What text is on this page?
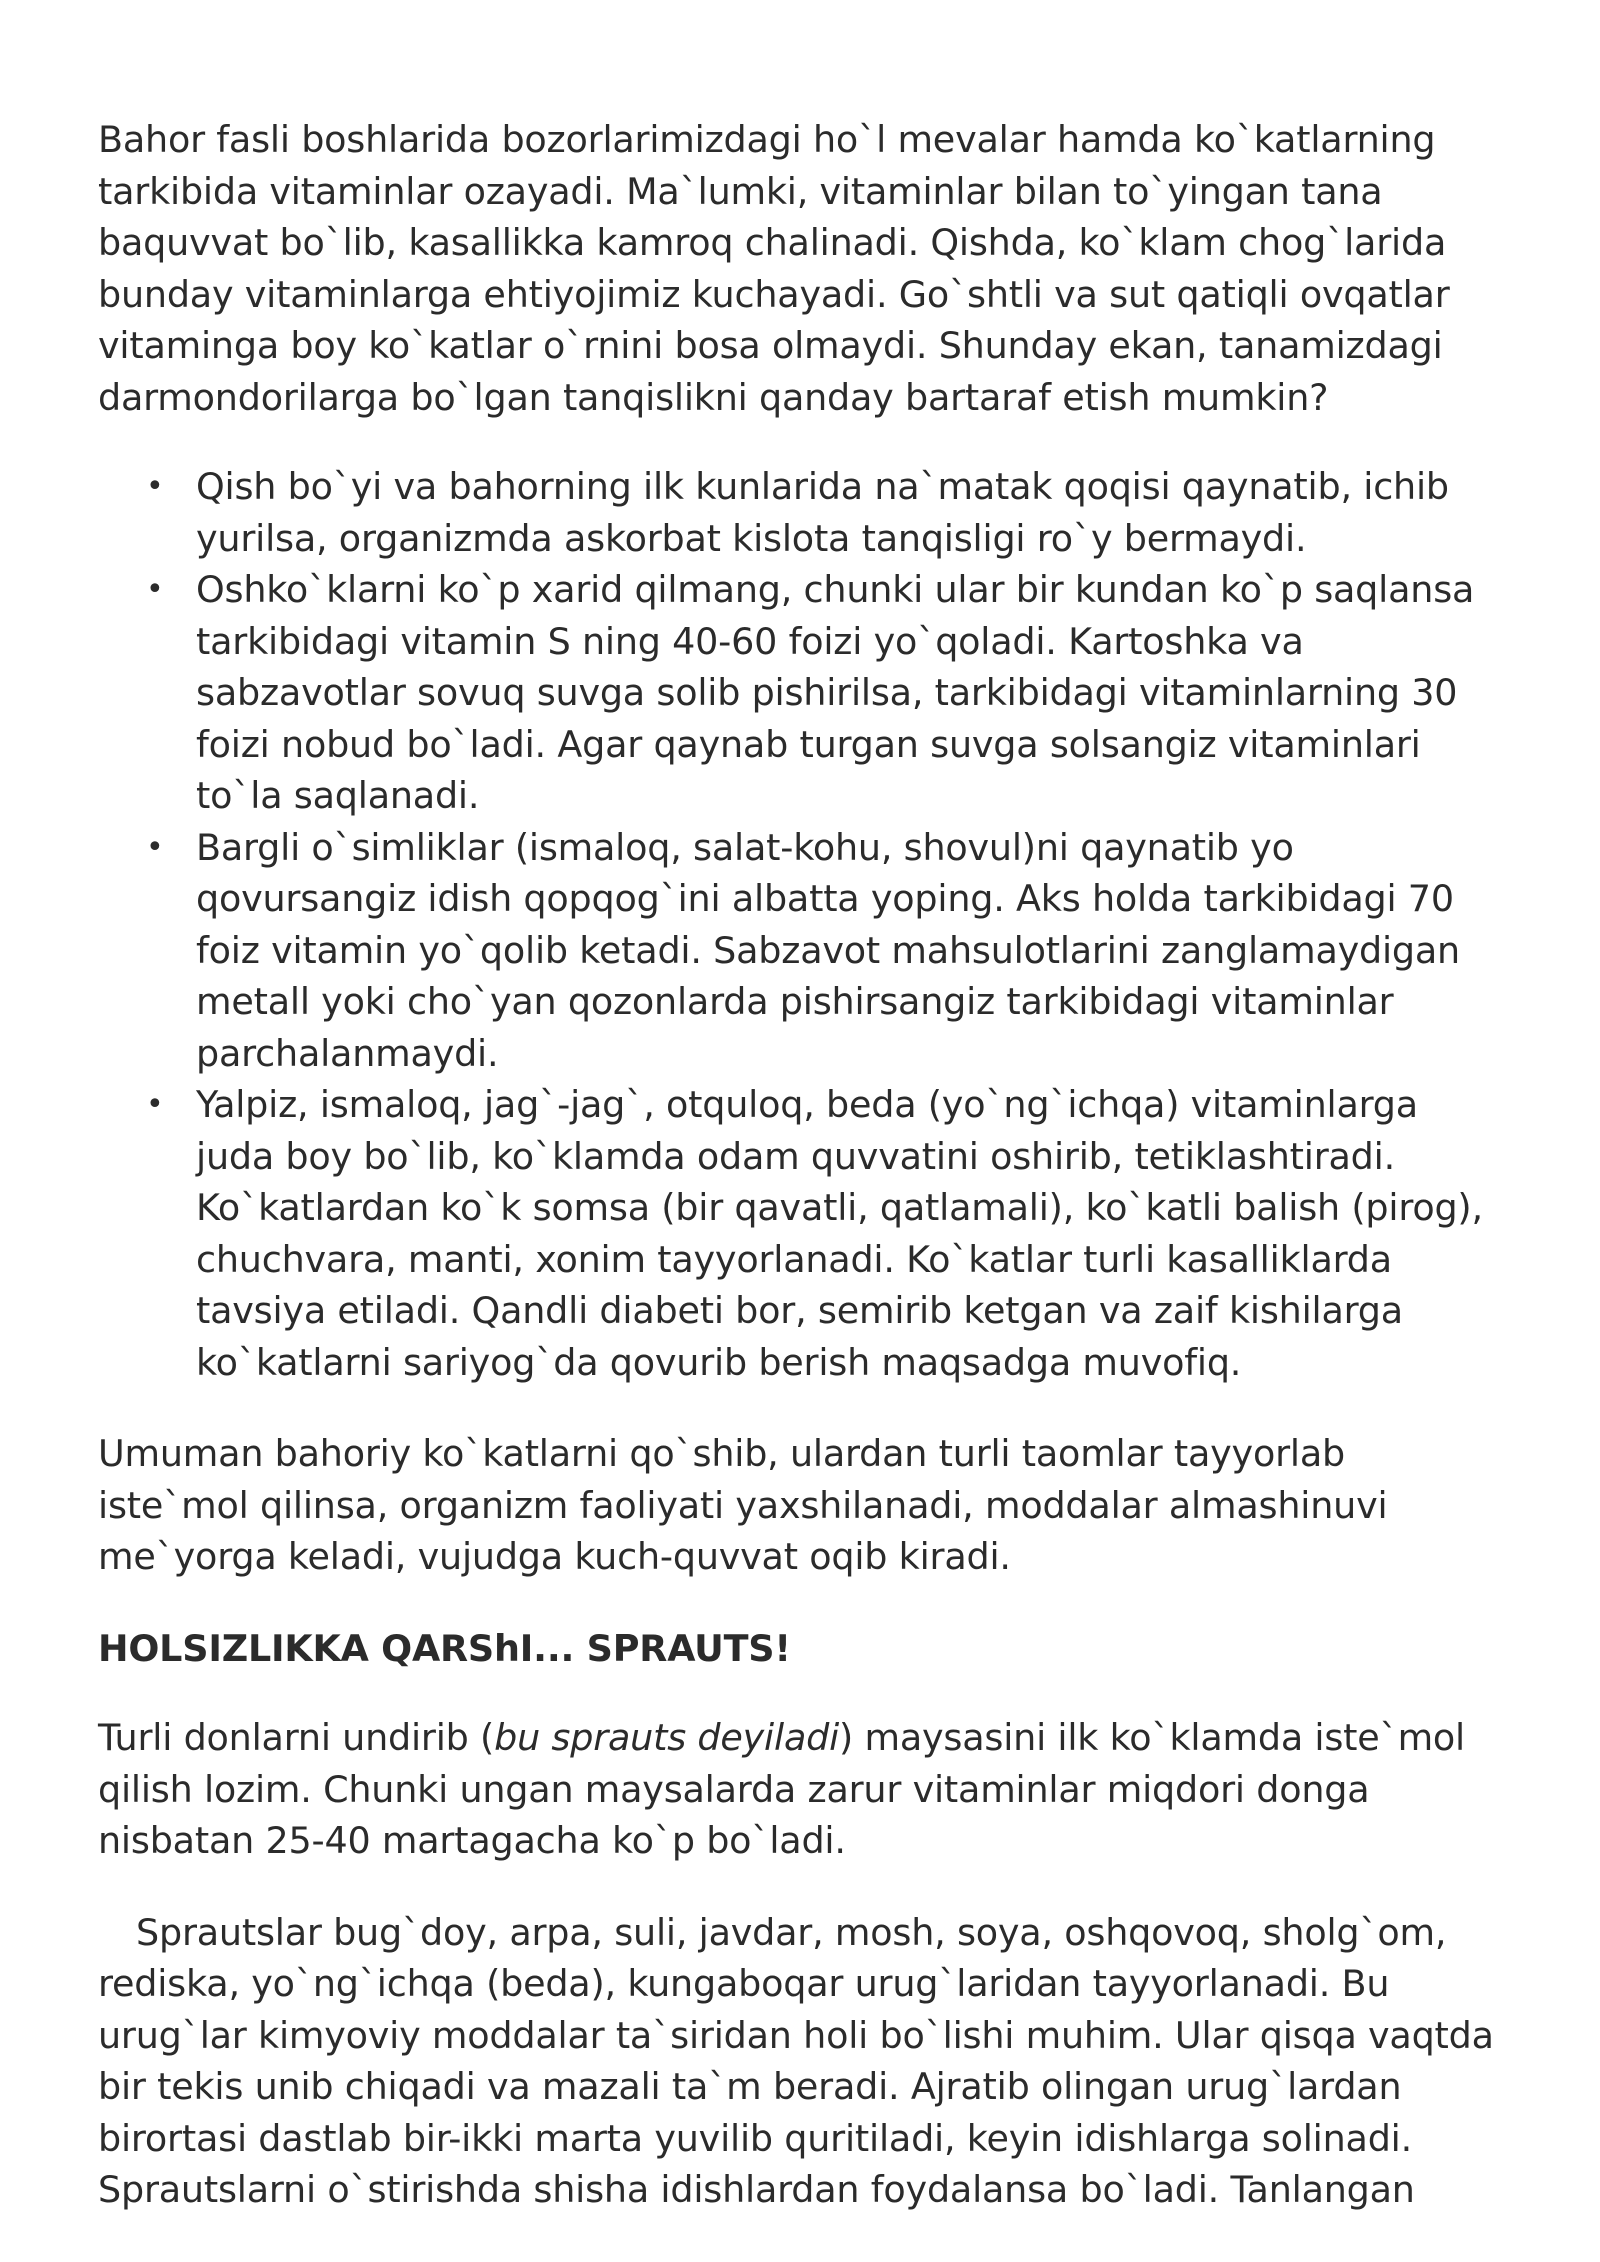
Bahor fasli boshlarida bozorlarimizdagi ho`l mevalar hamda ko`katlarning tarkibida vitaminlar ozayadi. Ma`lumki, vitaminlar bilan to`yingan tana baquvvat bo`lib, kasallikka kamroq chalinadi. Qishda, ko`klam chog`larida bunday vitaminlarga ehtiyojimiz kuchayadi. Go`shtli va sut qatiqli ovqatlar vitaminga boy ko`katlar o`rnini bosa olmaydi. Shunday ekan, tanamizdagi darmondorilarga bo`lgan tanqislikni qanday bartaraf etish mumkin?

• Qish bo`yi va bahorning ilk kunlarida na`matak qoqisi qaynatib, ichib yurilsa, organizmda askorbat kislota tanqisligi ro`y bermaydi.
• Oshko`klarni ko`p xarid qilmang, chunki ular bir kundan ko`p saqlansa tarkibidagi vitamin S ning 40-60 foizi yo`qoladi. Kartoshka va sabzavotlar sovuq suvga solib pishirilsa, tarkibidagi vitaminlarning 30 foizi nobud bo`ladi. Agar qaynab turgan suvga solsangiz vitaminlari to`la saqlanadi.
• Bargli o`simliklar (ismaloq, salat-kohu, shovul)ni qaynatib yo qovursangiz idish qopqog`ini albatta yoping. Aks holda tarkibidagi 70 foiz vitamin yo`qolib ketadi. Sabzavot mahsulotlarini zanglamaydigan metall yoki cho`yan qozonlarda pishirsangiz tarkibidagi vitaminlar parchalanmaydi.
• Yalpiz, ismaloq, jag`-jag`, otquloq, beda (yo`ng`ichqa) vitaminlarga juda boy bo`lib, ko`klamda odam quvvatini oshirib, tetiklashtiradi. Ko`katlardan ko`k somsa (bir qavatli, qatlamali), ko`katli balish (pirog), chuchvara, manti, xonim tayyorlanadi. Ko`katlar turli kasalliklarda tavsiya etiladi. Qandli diabeti bor, semirib ketgan va zaif kishilarga ko`katlarni sariyog`da qovurib berish maqsadga muvofiq.

Umuman bahoriy ko`katlarni qo`shib, ulardan turli taomlar tayyorlab iste`mol qilinsa, organizm faoliyati yaxshilanadi, moddalar almashinuvi me`yorga keladi, vujudga kuch-quvvat oqib kiradi.

HOLSIZLIKKA QARShI... SPRAUTS!

Turli donlarni undirib (bu sprauts deyiladi) maysasini ilk ko`klamda iste`mol qilish lozim. Chunki ungan maysalarda zarur vitaminlar miqdori donga nisbatan 25-40 martagacha ko`p bo`ladi.

Sprautslar bug`doy, arpa, suli, javdar, mosh, soya, oshqovoq, sholg`om, rediska, yo`ng`ichqa (beda), kungaboqar urug`laridan tayyorlanadi. Bu urug`lar kimyoviy moddalar ta`siridan holi bo`lishi muhim. Ular qisqa vaqtda bir tekis unib chiqadi va mazali ta`m beradi. Ajratib olingan urug`lardan birortasi dastlab bir-ikki marta yuvilib quritiladi, keyin idishlarga solinadi. Sprautslarni o`stirishda shisha idishlardan foydalansa bo`ladi. Tanlangan
